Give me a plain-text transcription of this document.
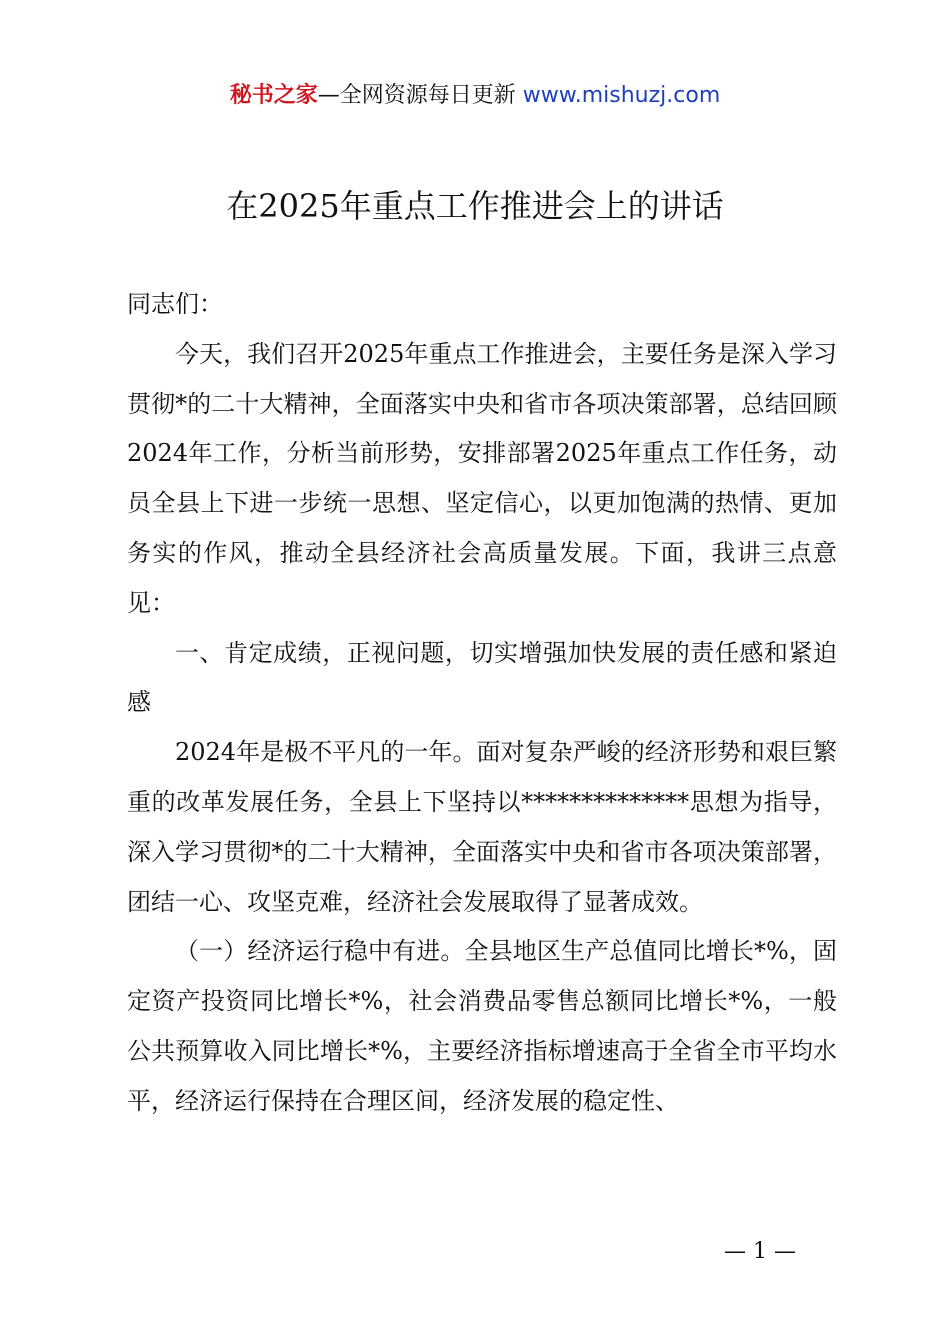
秘书之家—全网资源每日更新 www.mishuzj.com
在2025年重点工作推进会上的讲话

同志们：

今天，我们召开2025年重点工作推进会，主要任务是深入学习贯彻*的二十大精神，全面落实中央和省市各项决策部署，总结回顾2024年工作，分析当前形势，安排部署2025年重点工作任务，动员全县上下进一步统一思想、坚定信心，以更加饱满的热情、更加务实的作风，推动全县经济社会高质量发展。下面，我讲三点意见：

一、肯定成绩，正视问题，切实增强加快发展的责任感和紧迫感

2024年是极不平凡的一年。面对复杂严峻的经济形势和艰巨繁重的改革发展任务，全县上下坚持以**************思想为指导，深入学习贯彻*的二十大精神，全面落实中央和省市各项决策部署，团结一心、攻坚克难，经济社会发展取得了显著成效。

（一）经济运行稳中有进。全县地区生产总值同比增长*%，固定资产投资同比增长*%，社会消费品零售总额同比增长*%，一般公共预算收入同比增长*%，主要经济指标增速高于全省全市平均水平，经济运行保持在合理区间，经济发展的稳定性、

— 1 —
